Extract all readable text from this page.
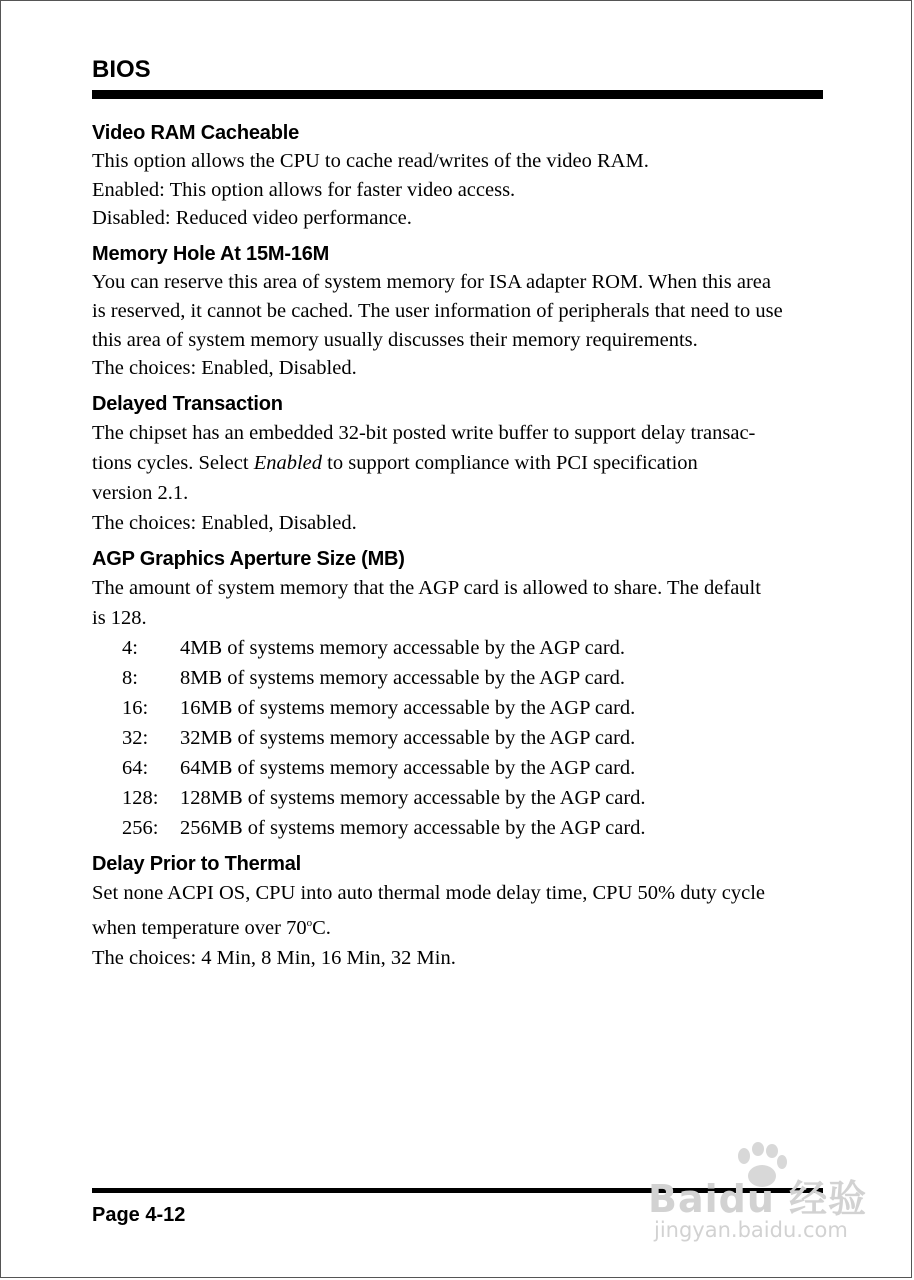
BIOS
Video RAM Cacheable

This option allows the CPU to cache read/writes of the video RAM.

Enabled: This option allows for faster video access.

Disabled: Reduced video performance.

Memory Hole At 15M-16M

You can reserve this area of system memory for ISA adapter ROM. When this area

is reserved, it cannot be cached. The user information of peripherals that need to use

this area of system memory usually discusses their memory requirements.

The choices: Enabled, Disabled.

Delayed Transaction

The chipset has an embedded 32-bit posted write buffer to support delay transac-

tions cycles. Select Enabled to support compliance with PCI specification

version 2.1.

The choices: Enabled, Disabled.

AGP Graphics Aperture Size (MB)

The amount of system memory that the AGP card is allowed to share. The default

is 128.

4:	4MB of systems memory accessable by the AGP card.
8:	8MB of systems memory accessable by the AGP card.
16:	16MB of systems memory accessable by the AGP card.
32:	32MB of systems memory accessable by the AGP card.
64:	64MB of systems memory accessable by the AGP card.
128:	128MB of systems memory accessable by the AGP card.
256:	256MB of systems memory accessable by the AGP card.
Delay Prior to Thermal

Set none ACPI OS, CPU into auto thermal mode delay time, CPU 50% duty cycle

when temperature over 70$^o$C.

The choices: 4 Min, 8 Min, 16 Min, 32 Min.

Page 4-12	Baidu 经验
jingyan.baidu.com
